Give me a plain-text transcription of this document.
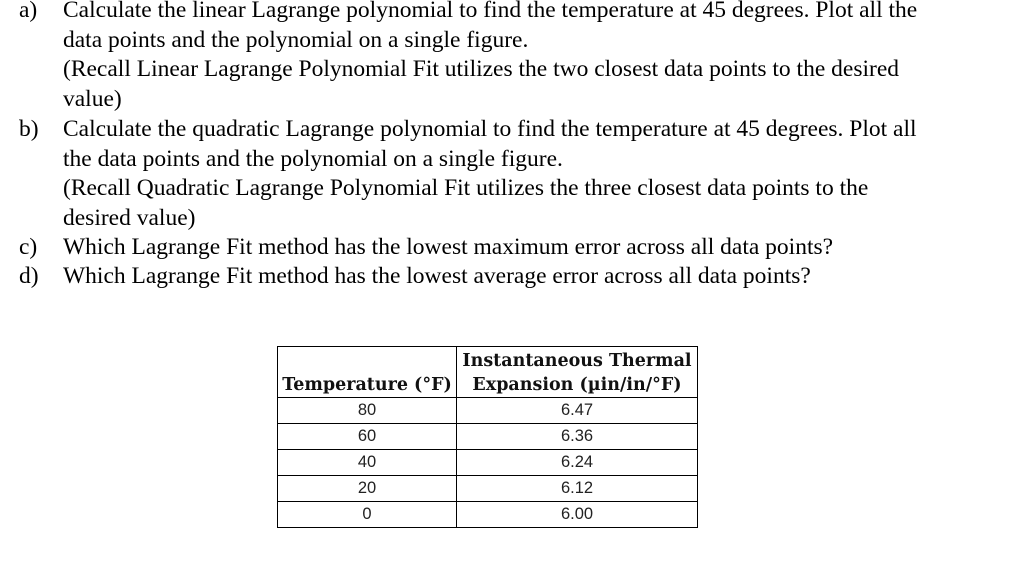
a) Calculate the linear Lagrange polynomial to find the temperature at 45 degrees. Plot all the
data points and the polynomial on a single figure.
(Recall Linear Lagrange Polynomial Fit utilizes the two closest data points to the desired
value)
b) Calculate the quadratic Lagrange polynomial to find the temperature at 45 degrees. Plot all
the data points and the polynomial on a single figure.
(Recall Quadratic Lagrange Polynomial Fit utilizes the three closest data points to the
desired value)
c) Which Lagrange Fit method has the lowest maximum error across all data points?
d) Which Lagrange Fit method has the lowest average error across all data points?
Temperature (°F)	Instantaneous Thermal
Expansion (µin/in/°F)

80	6.47
60	6.36
40	6.24
20	6.12
0	6.00
